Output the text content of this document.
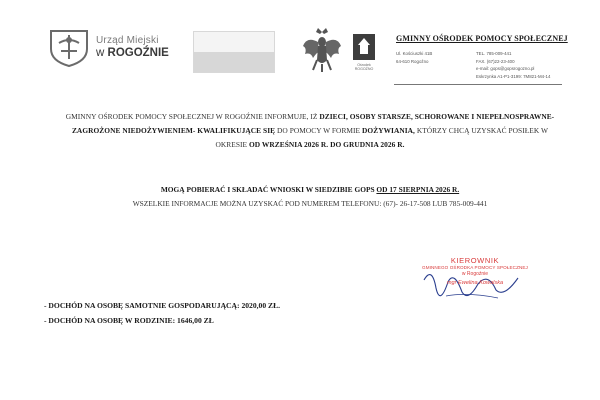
Urząd Miejski
w ROGOŹNIE
Ośrodek
ROGOŹNO
GMINNY OŚRODEK POMOCY SPOŁECZNEJ
Ul. Kościuszki 41B
64-610 Rogoźno
TEL. 785-009-441
FAX. (67)22-23-400
e-mail: gops@gopsrogozno.pl
Eskrzynka A1-P1-3199: 7M821-M4-14
GMINNY OŚRODEK POMOCY SPOŁECZNEJ W ROGOŹNIE INFORMUJE, IŻ DZIECI, OSOBY STARSZE, SCHOROWANE I NIEPEŁNOSPRAWNE- ZAGROŻONE NIEDOŻYWIENIEM- KWALIFIKUJĄCE SIĘ DO POMOCY W FORMIE DOŻYWIANIA, KTÓRZY CHCĄ UZYSKAĆ POSIŁEK W OKRESIE OD WRZEŚNIA 2026 R. DO GRUDNIA 2026 R.
MOGĄ POBIERAĆ I SKŁADAĆ WNIOSKI W SIEDZIBIE GOPS OD 17 SIERPNIA 2026 R.
WSZELKIE INFORMACJE MOŻNA UZYSKAĆ POD NUMEREM TELEFONU: (67)- 26-17-508 LUB 785-009-441
KIEROWNIK
GMINNEGO OŚRODKA POMOCY SPOŁECZNEJ
w Rogoźnie
mgr Ewelina Kowalska
- DOCHÓD NA OSOBĘ SAMOTNIE GOSPODARUJĄCĄ: 2020,00 ZŁ.
- DOCHÓD NA OSOBĘ W RODZINIE: 1646,00 ZŁ
